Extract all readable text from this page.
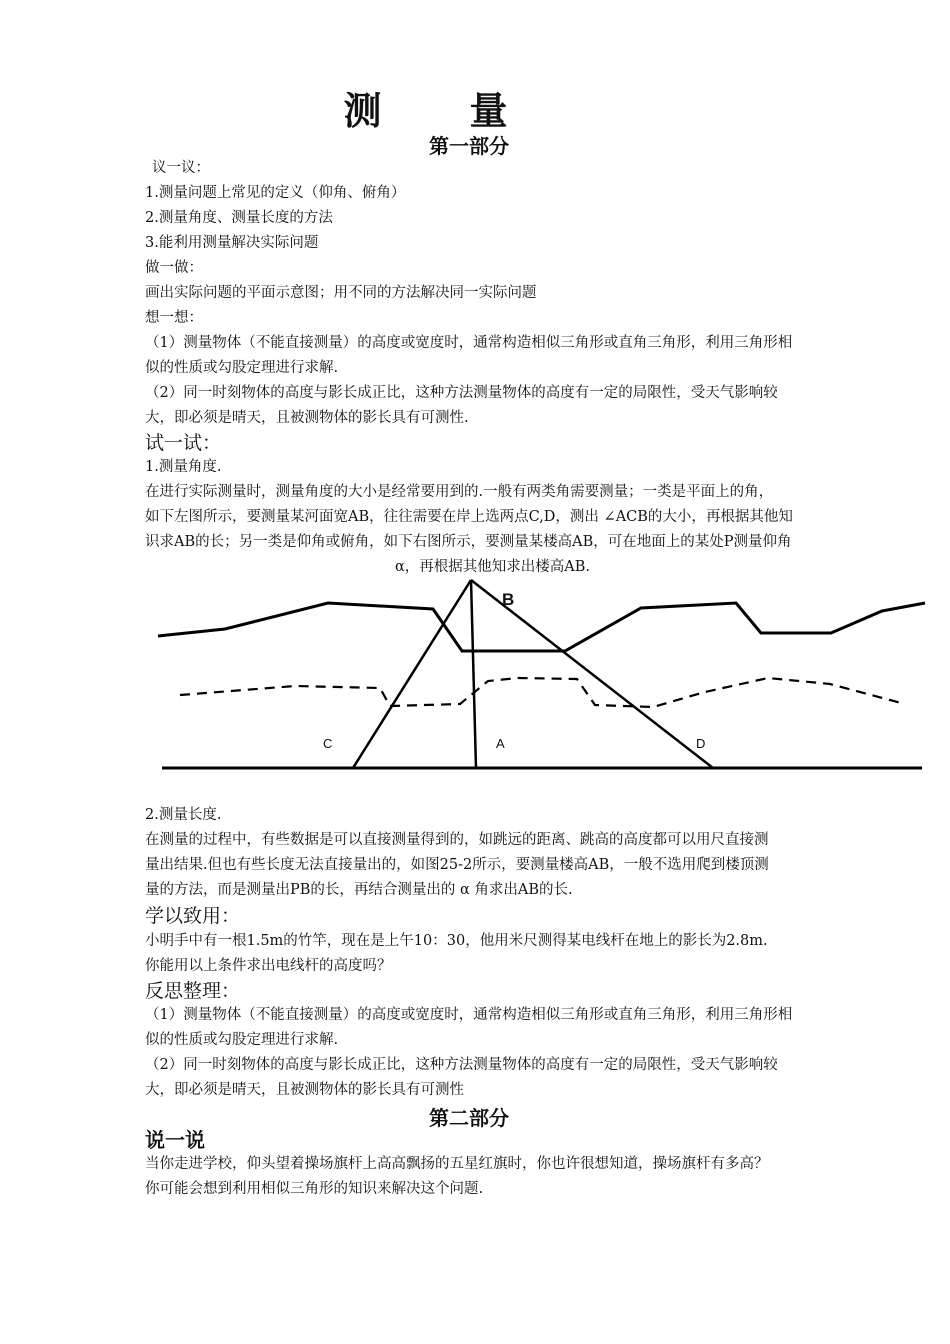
测　　量
第一部分
议一议：
1.测量问题上常见的定义（仰角、俯角）
2.测量角度、测量长度的方法
3.能利用测量解决实际问题
做一做：
画出实际问题的平面示意图；用不同的方法解决同一实际问题
想一想：
（1）测量物体（不能直接测量）的高度或宽度时，通常构造相似三角形或直角三角形，利用三角形相
似的性质或勾股定理进行求解.
（2）同一时刻物体的高度与影长成正比，这种方法测量物体的高度有一定的局限性，受天气影响较
大，即必须是晴天，且被测物体的影长具有可测性.
试一试：
1.测量角度.
在进行实际测量时，测量角度的大小是经常要用到的.一般有两类角需要测量；一类是平面上的角，
如下左图所示，要测量某河面宽AB，往往需要在岸上选两点C,D，测出 ∠ACB的大小，再根据其他知
识求AB的长；另一类是仰角或俯角，如下右图所示，要测量某楼高AB，可在地面上的某处P测量仰角
α，再根据其他知求出楼高AB.
B
C	A	D
2.测量长度.
在测量的过程中，有些数据是可以直接测量得到的，如跳远的距离、跳高的高度都可以用尺直接测
量出结果.但也有些长度无法直接量出的，如图25-2所示，要测量楼高AB，一般不选用爬到楼顶测
量的方法，而是测量出PB的长，再结合测量出的 α 角求出AB的长.
学以致用：
小明手中有一根1.5m的竹竿，现在是上午10：30，他用米尺测得某电线杆在地上的影长为2.8m.
你能用以上条件求出电线杆的高度吗？
反思整理：
（1）测量物体（不能直接测量）的高度或宽度时，通常构造相似三角形或直角三角形，利用三角形相
似的性质或勾股定理进行求解.
（2）同一时刻物体的高度与影长成正比，这种方法测量物体的高度有一定的局限性，受天气影响较
大，即必须是晴天，且被测物体的影长具有可测性
第二部分
说一说
当你走进学校，仰头望着操场旗杆上高高飘扬的五星红旗时，你也许很想知道，操场旗杆有多高？
你可能会想到利用相似三角形的知识来解决这个问题.
